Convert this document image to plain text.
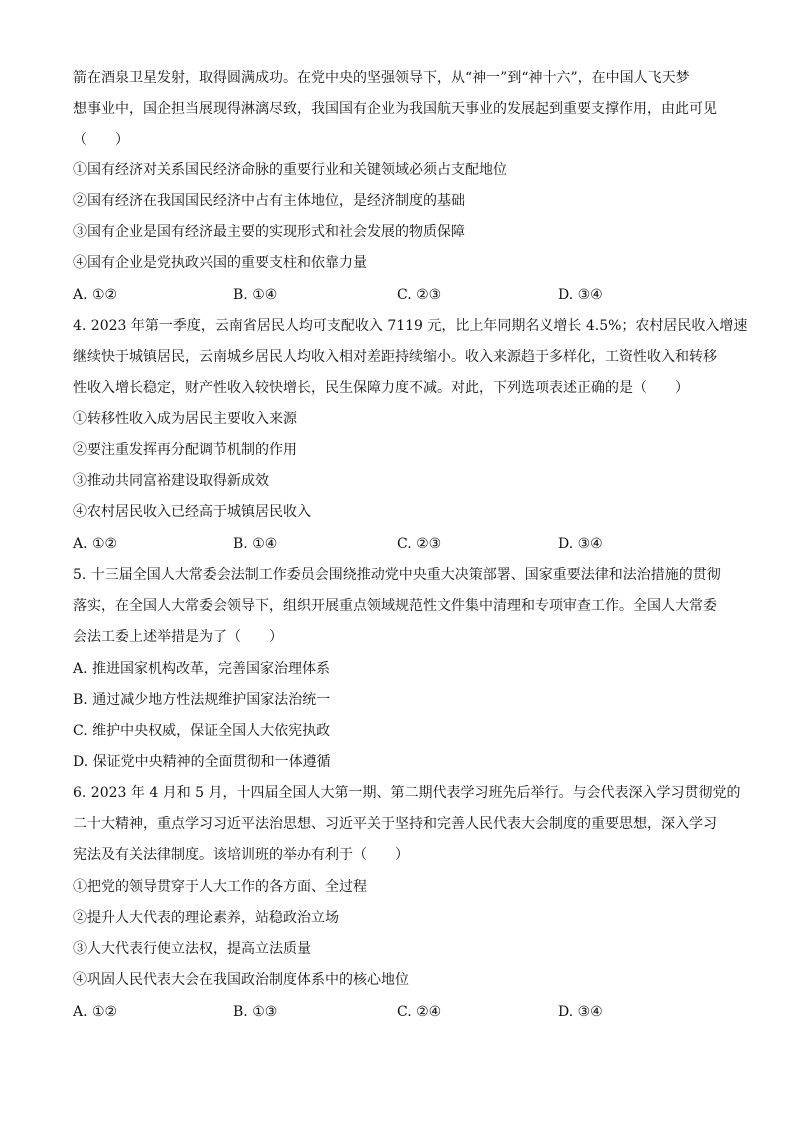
箭在酒泉卫星发射，取得圆满成功。在党中央的坚强领导下，从“神一”到“神十六”，在中国人飞天梦
想事业中，国企担当展现得淋漓尽致，我国国有企业为我国航天事业的发展起到重要支撑作用，由此可见
（　　）
①国有经济对关系国民经济命脉的重要行业和关键领域必须占支配地位
②国有经济在我国国民经济中占有主体地位，是经济制度的基础
③国有企业是国有经济最主要的实现形式和社会发展的物质保障
④国有企业是党执政兴国的重要支柱和依靠力量
A. ①②	B. ①④	C. ②③	D. ③④
4. 2023 年第一季度，云南省居民人均可支配收入 7119 元，比上年同期名义增长 4.5%；农村居民收入增速
继续快于城镇居民，云南城乡居民人均收入相对差距持续缩小。收入来源趋于多样化，工资性收入和转移
性收入增长稳定，财产性收入较快增长，民生保障力度不减。对此，下列选项表述正确的是（　　）
①转移性收入成为居民主要收入来源
②要注重发挥再分配调节机制的作用
③推动共同富裕建设取得新成效
④农村居民收入已经高于城镇居民收入
A. ①②	B. ①④	C. ②③	D. ③④
5. 十三届全国人大常委会法制工作委员会围绕推动党中央重大决策部署、国家重要法律和法治措施的贯彻
落实，在全国人大常委会领导下，组织开展重点领域规范性文件集中清理和专项审查工作。全国人大常委
会法工委上述举措是为了（　　）
A. 推进国家机构改革，完善国家治理体系
B. 通过减少地方性法规维护国家法治统一
C. 维护中央权威，保证全国人大依宪执政
D. 保证党中央精神的全面贯彻和一体遵循
6. 2023 年 4 月和 5 月，十四届全国人大第一期、第二期代表学习班先后举行。与会代表深入学习贯彻党的
二十大精神，重点学习习近平法治思想、习近平关于坚持和完善人民代表大会制度的重要思想，深入学习
宪法及有关法律制度。该培训班的举办有利于（　　）
①把党的领导贯穿于人大工作的各方面、全过程
②提升人大代表的理论素养，站稳政治立场
③人大代表行使立法权，提高立法质量
④巩固人民代表大会在我国政治制度体系中的核心地位
A. ①②	B. ①③	C. ②④	D. ③④
